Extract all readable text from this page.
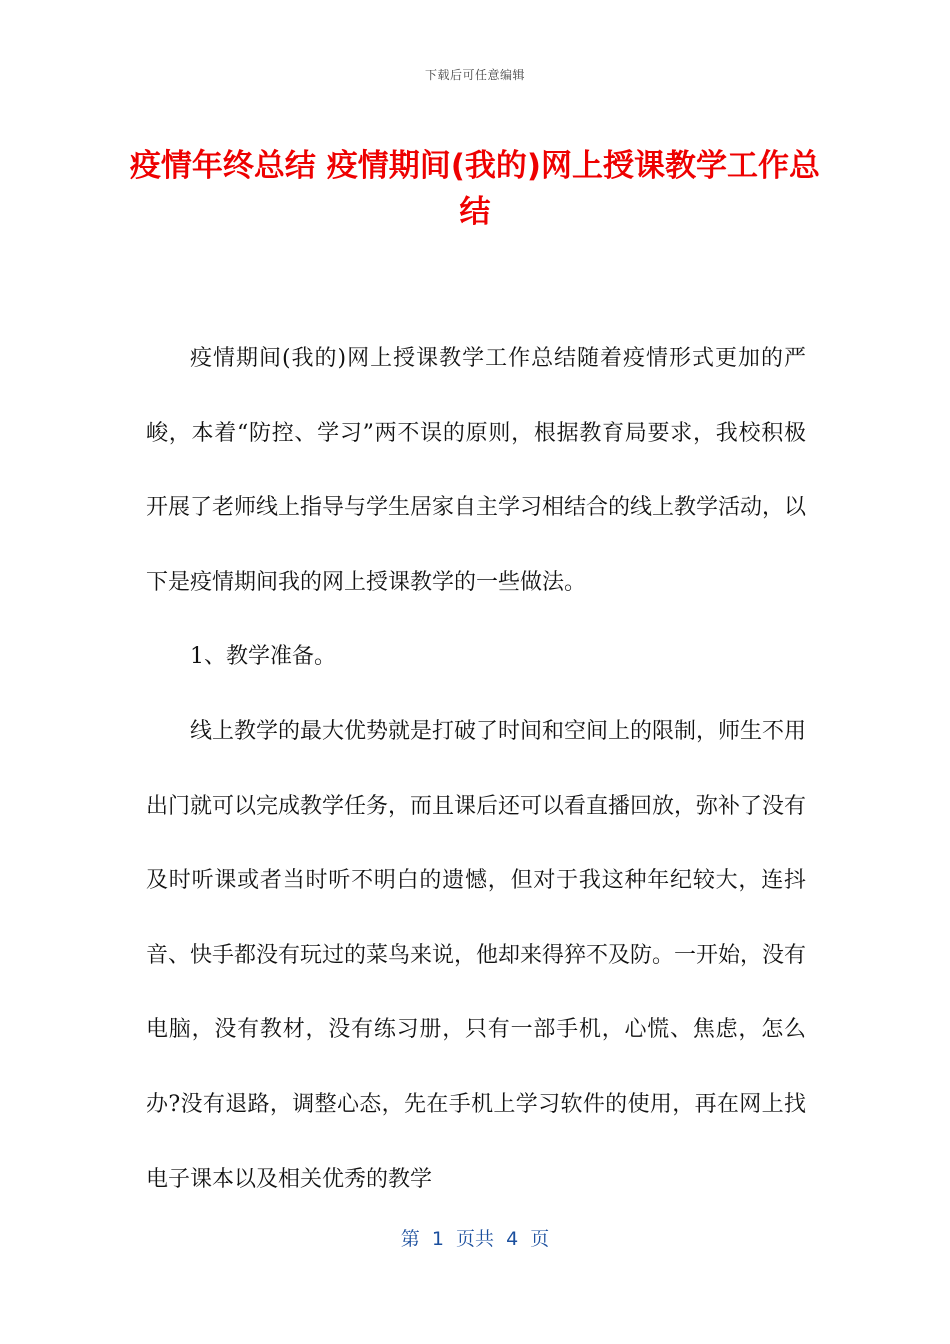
下载后可任意编辑
疫情年终总结 疫情期间(我的)网上授课教学工作总结

疫情期间(我的)网上授课教学工作总结随着疫情形式更加的严峻，本着“防控、学习”两不误的原则，根据教育局要求，我校积极开展了老师线上指导与学生居家自主学习相结合的线上教学活动，以下是疫情期间我的网上授课教学的一些做法。

1、教学准备。

线上教学的最大优势就是打破了时间和空间上的限制，师生不用出门就可以完成教学任务，而且课后还可以看直播回放，弥补了没有及时听课或者当时听不明白的遗憾，但对于我这种年纪较大，连抖音、快手都没有玩过的菜鸟来说，他却来得猝不及防。一开始，没有电脑，没有教材，没有练习册，只有一部手机，心慌、焦虑，怎么办?没有退路，调整心态，先在手机上学习软件的使用，再在网上找电子课本以及相关优秀的教学

第  1  页共  4  页
